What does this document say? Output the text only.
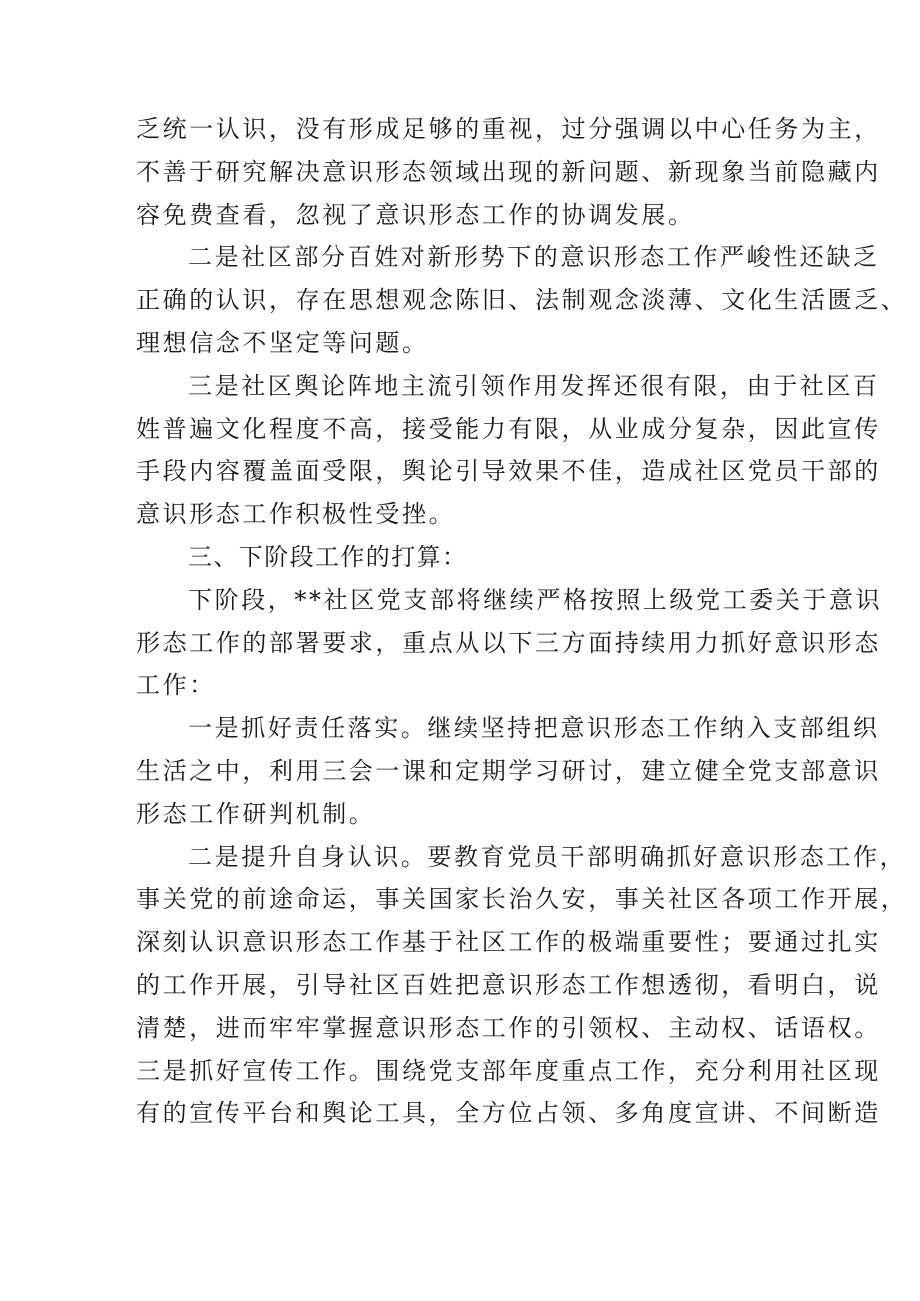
乏统一认识，没有形成足够的重视，过分强调以中心任务为主，
不善于研究解决意识形态领域出现的新问题、新现象当前隐藏内
容免费查看，忽视了意识形态工作的协调发展。
二是社区部分百姓对新形势下的意识形态工作严峻性还缺乏
正确的认识，存在思想观念陈旧、法制观念淡薄、文化生活匮乏、
理想信念不坚定等问题。
三是社区舆论阵地主流引领作用发挥还很有限，由于社区百
姓普遍文化程度不高，接受能力有限，从业成分复杂，因此宣传
手段内容覆盖面受限，舆论引导效果不佳，造成社区党员干部的
意识形态工作积极性受挫。
三、下阶段工作的打算：
下阶段，**社区党支部将继续严格按照上级党工委关于意识
形态工作的部署要求，重点从以下三方面持续用力抓好意识形态
工作：
一是抓好责任落实。继续坚持把意识形态工作纳入支部组织
生活之中，利用三会一课和定期学习研讨，建立健全党支部意识
形态工作研判机制。
二是提升自身认识。要教育党员干部明确抓好意识形态工作，
事关党的前途命运，事关国家长治久安，事关社区各项工作开展，
深刻认识意识形态工作基于社区工作的极端重要性；要通过扎实
的工作开展，引导社区百姓把意识形态工作想透彻，看明白，说
清楚，进而牢牢掌握意识形态工作的引领权、主动权、话语权。
三是抓好宣传工作。围绕党支部年度重点工作，充分利用社区现
有的宣传平台和舆论工具，全方位占领、多角度宣讲、不间断造
